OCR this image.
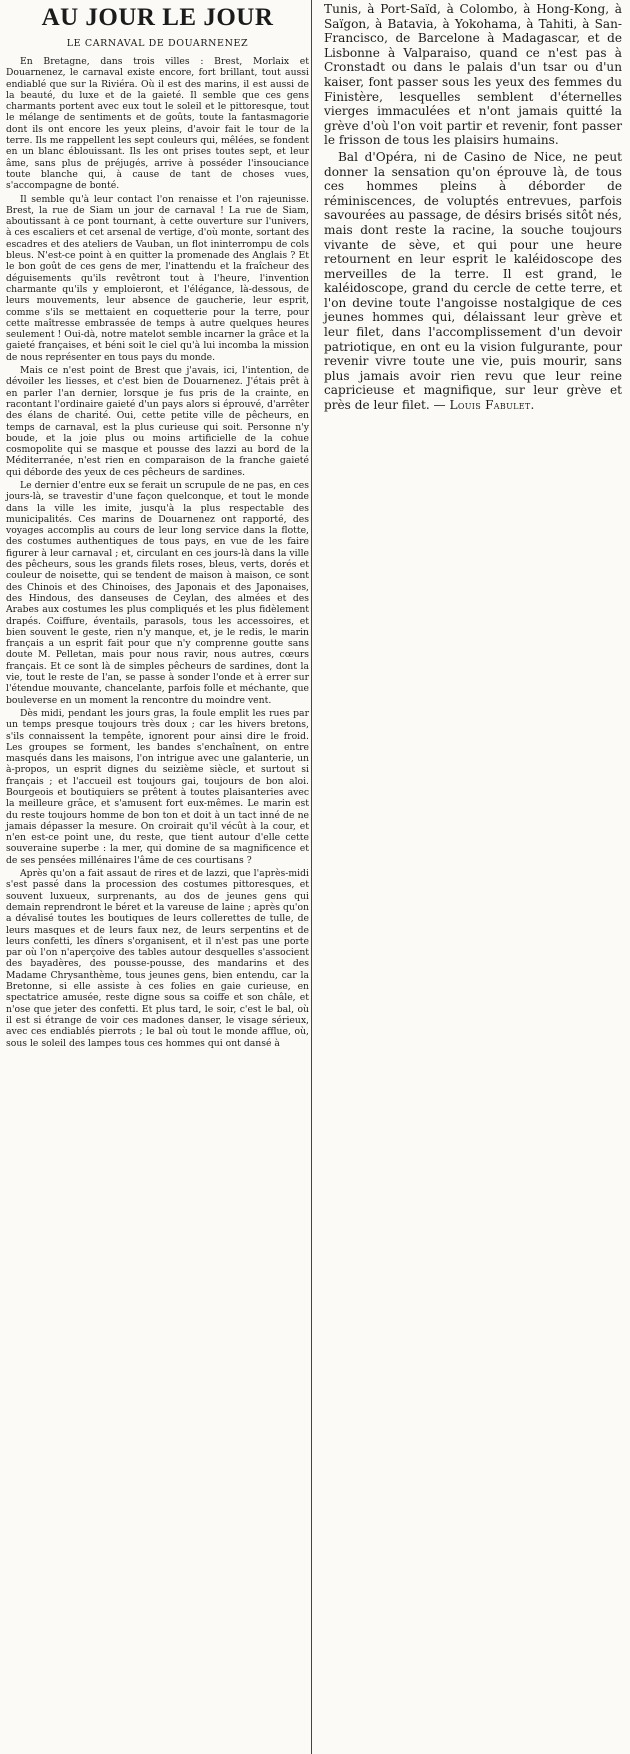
AU JOUR LE JOUR
LE CARNAVAL DE DOUARNENEZ

En Bretagne, dans trois villes : Brest, Morlaix et Douarnenez, le carnaval existe encore, fort brillant, tout aussi endiablé que sur la Riviéra. Où il est des marins, il est aussi de la beauté, du luxe et de la gaieté. Il semble que ces gens charmants portent avec eux tout le soleil et le pittoresque, tout le mélange de sentiments et de goûts, toute la fantasmagorie dont ils ont encore les yeux pleins, d'avoir fait le tour de la terre. Ils me rappellent les sept couleurs qui, mêlées, se fondent en un blanc éblouissant. Ils les ont prises toutes sept, et leur âme, sans plus de préjugés, arrive à posséder l'insouciance toute blanche qui, à cause de tant de choses vues, s'accompagne de bonté.

Il semble qu'à leur contact l'on renaisse et l'on rajeunisse. Brest, la rue de Siam un jour de carnaval ! La rue de Siam, aboutissant à ce pont tournant, à cette ouverture sur l'univers, à ces escaliers et cet arsenal de vertige, d'où monte, sortant des escadres et des ateliers de Vauban, un flot ininterrompu de cols bleus. N'est-ce point à en quitter la promenade des Anglais ? Et le bon goût de ces gens de mer, l'inattendu et la fraîcheur des déguisements qu'ils revêtront tout à l'heure, l'invention charmante qu'ils y emploieront, et l'élégance, là-dessous, de leurs mouvements, leur absence de gaucherie, leur esprit, comme s'ils se mettaient en coquetterie pour la terre, pour cette maîtresse embrassée de temps à autre quelques heures seulement ! Oui-dà, notre matelot semble incarner la grâce et la gaieté françaises, et béni soit le ciel qu'à lui incomba la mission de nous représenter en tous pays du monde.

Mais ce n'est point de Brest que j'avais, ici, l'intention, de dévoiler les liesses, et c'est bien de Douarnenez. J'étais prêt à en parler l'an dernier, lorsque je fus pris de la crainte, en racontant l'ordinaire gaieté d'un pays alors si éprouvé, d'arrêter des élans de charité. Oui, cette petite ville de pêcheurs, en temps de carnaval, est la plus curieuse qui soit. Personne n'y boude, et la joie plus ou moins artificielle de la cohue cosmopolite qui se masque et pousse des lazzi au bord de la Méditerranée, n'est rien en comparaison de la franche gaieté qui déborde des yeux de ces pêcheurs de sardines.

Le dernier d'entre eux se ferait un scrupule de ne pas, en ces jours-là, se travestir d'une façon quelconque, et tout le monde dans la ville les imite, jusqu'à la plus respectable des municipalités. Ces marins de Douarnenez ont rapporté, des voyages accomplis au cours de leur long service dans la flotte, des costumes authentiques de tous pays, en vue de les faire figurer à leur carnaval ; et, circulant en ces jours-là dans la ville des pêcheurs, sous les grands filets roses, bleus, verts, dorés et couleur de noisette, qui se tendent de maison à maison, ce sont des Chinois et des Chinoises, des Japonais et des Japonaises, des Hindous, des danseuses de Ceylan, des almées et des Arabes aux costumes les plus compliqués et les plus fidèlement drapés. Coiffure, éventails, parasols, tous les accessoires, et bien souvent le geste, rien n'y manque, et, je le redis, le marin français a un esprit fait pour que n'y comprenne goutte sans doute M. Pelletan, mais pour nous ravir, nous autres, cœurs français. Et ce sont là de simples pêcheurs de sardines, dont la vie, tout le reste de l'an, se passe à sonder l'onde et à errer sur l'étendue mouvante, chancelante, parfois folle et méchante, que bouleverse en un moment la rencontre du moindre vent.

Dès midi, pendant les jours gras, la foule emplit les rues par un temps presque toujours très doux ; car les hivers bretons, s'ils connaissent la tempête, ignorent pour ainsi dire le froid. Les groupes se forment, les bandes s'enchaînent, on entre masqués dans les maisons, l'on intrigue avec une galanterie, un à-propos, un esprit dignes du seizième siècle, et surtout si français ; et l'accueil est toujours gai, toujours de bon aloi. Bourgeois et boutiquiers se prêtent à toutes plaisanteries avec la meilleure grâce, et s'amusent fort eux-mêmes. Le marin est du reste toujours homme de bon ton et doit à un tact inné de ne jamais dépasser la mesure. On croirait qu'il vécût à la cour, et n'en est-ce point une, du reste, que tient autour d'elle cette souveraine superbe : la mer, qui domine de sa magnificence et de ses pensées millénaires l'âme de ces courtisans ?

Après qu'on a fait assaut de rires et de lazzi, que l'après-midi s'est passé dans la procession des costumes pittoresques, et souvent luxueux, surprenants, au dos de jeunes gens qui demain reprendront le béret et la vareuse de laine ; après qu'on a dévalisé toutes les boutiques de leurs collerettes de tulle, de leurs masques et de leurs faux nez, de leurs serpentins et de leurs confetti, les dîners s'organisent, et il n'est pas une porte par où l'on n'aperçoive des tables autour desquelles s'associent des bayadères, des pousse-pousse, des mandarins et des Madame Chrysanthème, tous jeunes gens, bien entendu, car la Bretonne, si elle assiste à ces folies en gaie curieuse, en spectatrice amusée, reste digne sous sa coiffe et son châle, et n'ose que jeter des confetti. Et plus tard, le soir, c'est le bal, où il est si étrange de voir ces madones danser, le visage sérieux, avec ces endiablés pierrots ; le bal où tout le monde afflue, où, sous le soleil des lampes tous ces hommes qui ont dansé à

Tunis, à Port-Saïd, à Colombo, à Hong-Kong, à Saïgon, à Batavia, à Yokohama, à Tahiti, à San-Francisco, de Barcelone à Madagascar, et de Lisbonne à Valparaiso, quand ce n'est pas à Cronstadt ou dans le palais d'un tsar ou d'un kaiser, font passer sous les yeux des femmes du Finistère, lesquelles semblent d'éternelles vierges immaculées et n'ont jamais quitté la grève d'où l'on voit partir et revenir, font passer le frisson de tous les plaisirs humains.

Bal d'Opéra, ni de Casino de Nice, ne peut donner la sensation qu'on éprouve là, de tous ces hommes pleins à déborder de réminiscences, de voluptés entrevues, parfois savourées au passage, de désirs brisés sitôt nés, mais dont reste la racine, la souche toujours vivante de sève, et qui pour une heure retournent en leur esprit le kaléidoscope des merveilles de la terre. Il est grand, le kaléidoscope, grand du cercle de cette terre, et l'on devine toute l'angoisse nostalgique de ces jeunes hommes qui, délaissant leur grève et leur filet, dans l'accomplissement d'un devoir patriotique, en ont eu la vision fulgurante, pour revenir vivre toute une vie, puis mourir, sans plus jamais avoir rien revu que leur reine capricieuse et magnifique, sur leur grève et près de leur filet. — Louis Fabulet.
